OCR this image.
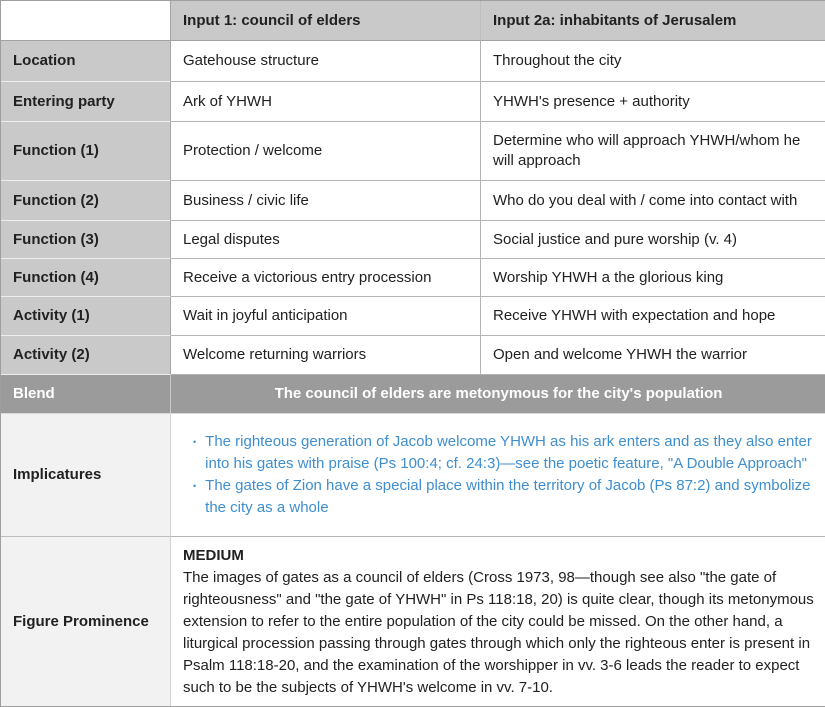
	Input 1: council of elders	Input 2a: inhabitants of Jerusalem
Location	Gatehouse structure	Throughout the city
Entering party	Ark of YHWH	YHWH's presence + authority
Function (1)	Protection / welcome	Determine who will approach YHWH/whom he will approach
Function (2)	Business / civic life	Who do you deal with / come into contact with
Function (3)	Legal disputes	Social justice and pure worship (v. 4)
Function (4)	Receive a victorious entry procession	Worship YHWH a the glorious king
Activity (1)	Wait in joyful anticipation	Receive YHWH with expectation and hope
Activity (2)	Welcome returning warriors	Open and welcome YHWH the warrior
Blend	The council of elders are metonymous for the city's population	
Implicatures	• The righteous generation of Jacob welcome YHWH as his ark enters and as they also enter into his gates with praise (Ps 100:4; cf. 24:3)—see the poetic feature, "A Double Approach"
• The gates of Zion have a special place within the territory of Jacob (Ps 87:2) and symbolize the city as a whole	

Figure Prominence	MEDIUM
The images of gates as a council of elders (Cross 1973, 98—though see also "the gate of righteousness" and "the gate of YHWH" in Ps 118:18, 20) is quite clear, though its metonymous extension to refer to the entire population of the city could be missed. On the other hand, a liturgical procession passing through gates through which only the righteous enter is present in Psalm 118:18-20, and the examination of the worshipper in vv. 3-6 leads the reader to expect such to be the subjects of YHWH's welcome in vv. 7-10.	
